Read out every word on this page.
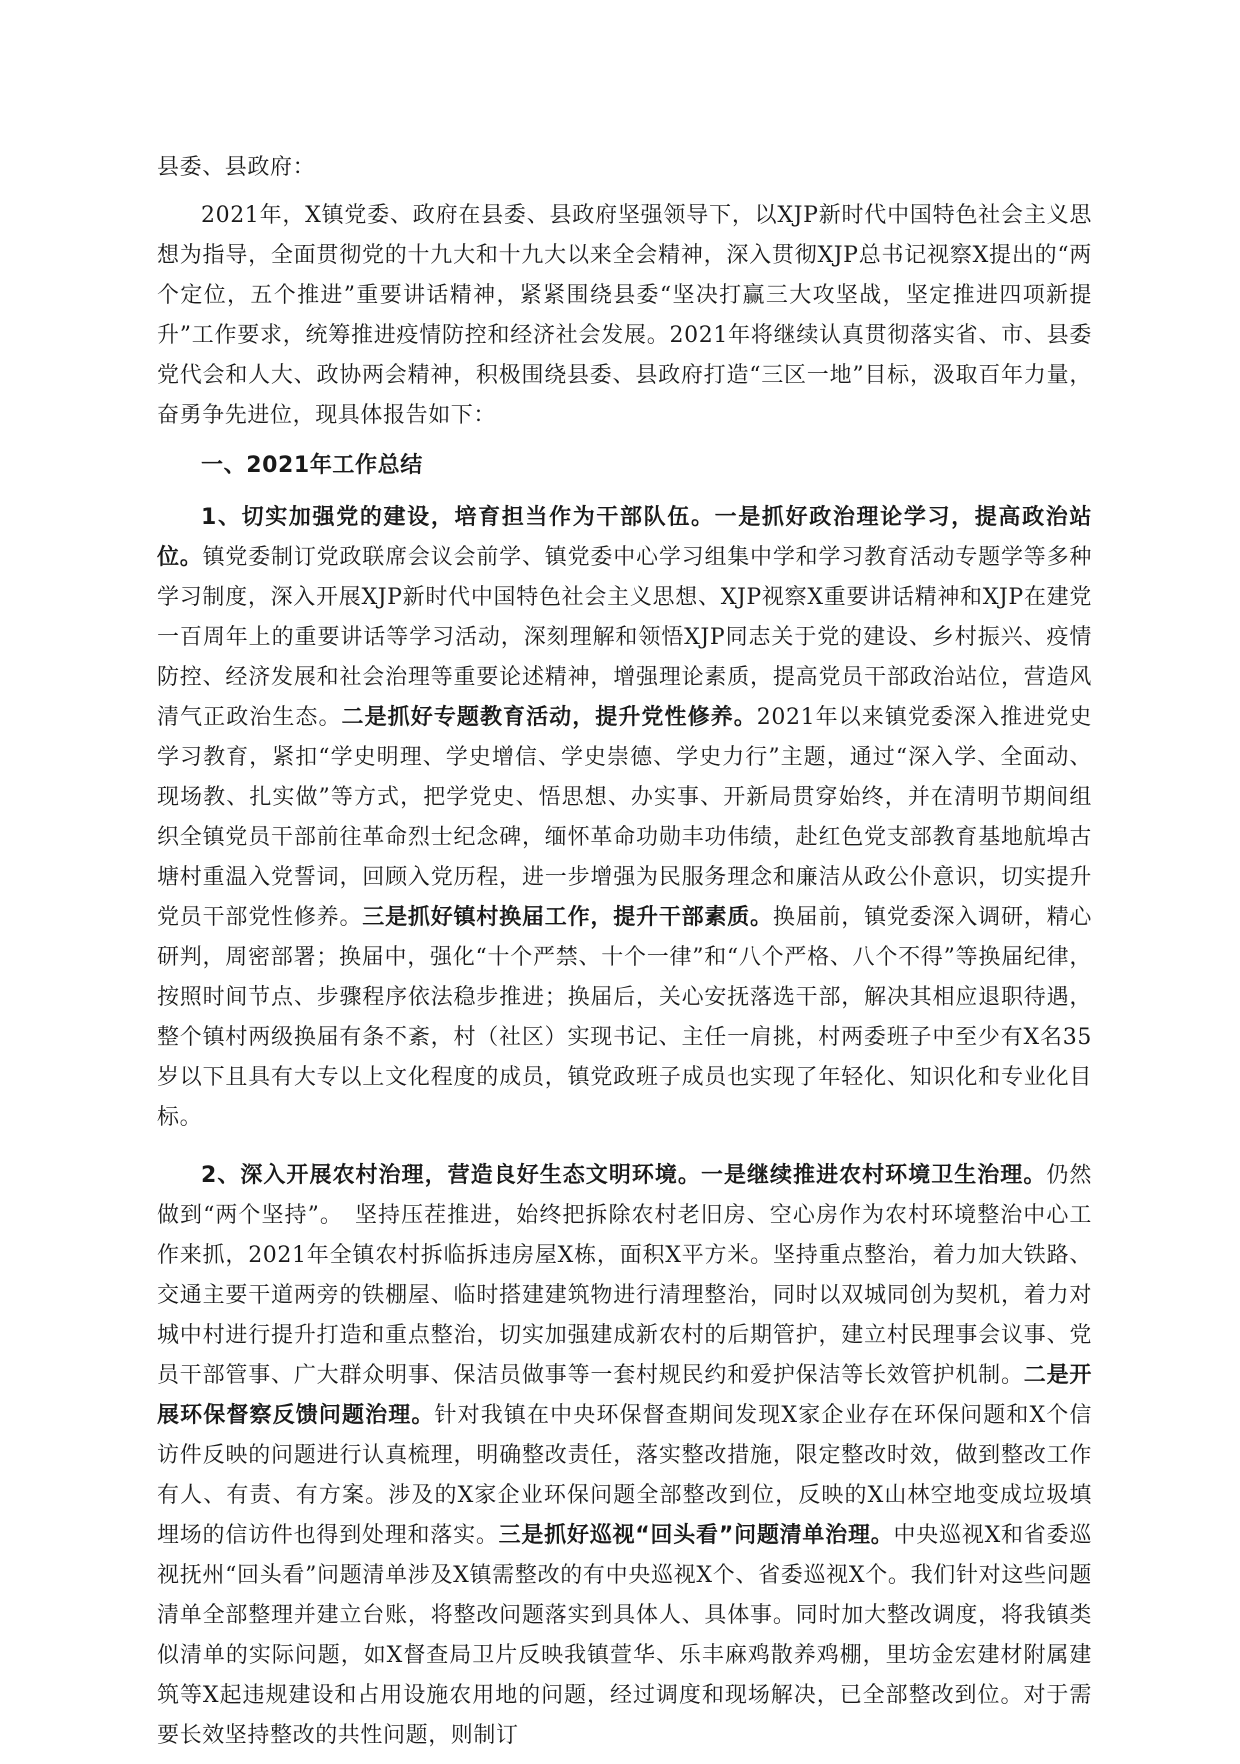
县委、县政府：

2021年，X镇党委、政府在县委、县政府坚强领导下，以XJP新时代中国特色社会主义思想为指导，全面贯彻党的十九大和十九大以来全会精神，深入贯彻XJP总书记视察X提出的“两个定位，五个推进”重要讲话精神，紧紧围绕县委“坚决打赢三大攻坚战，坚定推进四项新提升”工作要求，统筹推进疫情防控和经济社会发展。2021年将继续认真贯彻落实省、市、县委党代会和人大、政协两会精神，积极围绕县委、县政府打造“三区一地”目标，汲取百年力量，奋勇争先进位，现具体报告如下：

一、2021年工作总结

1、切实加强党的建设，培育担当作为干部队伍。一是抓好政治理论学习，提高政治站位。镇党委制订党政联席会议会前学、镇党委中心学习组集中学和学习教育活动专题学等多种学习制度，深入开展XJP新时代中国特色社会主义思想、XJP视察X重要讲话精神和XJP在建党一百周年上的重要讲话等学习活动，深刻理解和领悟XJP同志关于党的建设、乡村振兴、疫情防控、经济发展和社会治理等重要论述精神，增强理论素质，提高党员干部政治站位，营造风清气正政治生态。二是抓好专题教育活动，提升党性修养。2021年以来镇党委深入推进党史学习教育，紧扣“学史明理、学史增信、学史崇德、学史力行”主题，通过“深入学、全面动、现场教、扎实做”等方式，把学党史、悟思想、办实事、开新局贯穿始终，并在清明节期间组织全镇党员干部前往革命烈士纪念碑，缅怀革命功勋丰功伟绩，赴红色党支部教育基地航埠古塘村重温入党誓词，回顾入党历程，进一步增强为民服务理念和廉洁从政公仆意识，切实提升党员干部党性修养。三是抓好镇村换届工作，提升干部素质。换届前，镇党委深入调研，精心研判，周密部署；换届中，强化“十个严禁、十个一律”和“八个严格、八个不得”等换届纪律，按照时间节点、步骤程序依法稳步推进；换届后，关心安抚落选干部，解决其相应退职待遇，整个镇村两级换届有条不紊，村（社区）实现书记、主任一肩挑，村两委班子中至少有X名35岁以下且具有大专以上文化程度的成员，镇党政班子成员也实现了年轻化、知识化和专业化目标。

2、深入开展农村治理，营造良好生态文明环境。一是继续推进农村环境卫生治理。仍然做到“两个坚持”。　坚持压茬推进，始终把拆除农村老旧房、空心房作为农村环境整治中心工作来抓，2021年全镇农村拆临拆违房屋X栋，面积X平方米。坚持重点整治，着力加大铁路、交通主要干道两旁的铁棚屋、临时搭建建筑物进行清理整治，同时以双城同创为契机，着力对城中村进行提升打造和重点整治，切实加强建成新农村的后期管护，建立村民理事会议事、党员干部管事、广大群众明事、保洁员做事等一套村规民约和爱护保洁等长效管护机制。二是开展环保督察反馈问题治理。针对我镇在中央环保督查期间发现X家企业存在环保问题和X个信访件反映的问题进行认真梳理，明确整改责任，落实整改措施，限定整改时效，做到整改工作有人、有责、有方案。涉及的X家企业环保问题全部整改到位，反映的X山林空地变成垃圾填埋场的信访件也得到处理和落实。三是抓好巡视“回头看”问题清单治理。中央巡视X和省委巡视抚州“回头看”问题清单涉及X镇需整改的有中央巡视X个、省委巡视X个。我们针对这些问题清单全部整理并建立台账，将整改问题落实到具体人、具体事。同时加大整改调度，将我镇类似清单的实际问题，如X督查局卫片反映我镇萱华、乐丰麻鸡散养鸡棚，里坊金宏建材附属建筑等X起违规建设和占用设施农用地的问题，经过调度和现场解决，已全部整改到位。对于需要长效坚持整改的共性问题，则制订
